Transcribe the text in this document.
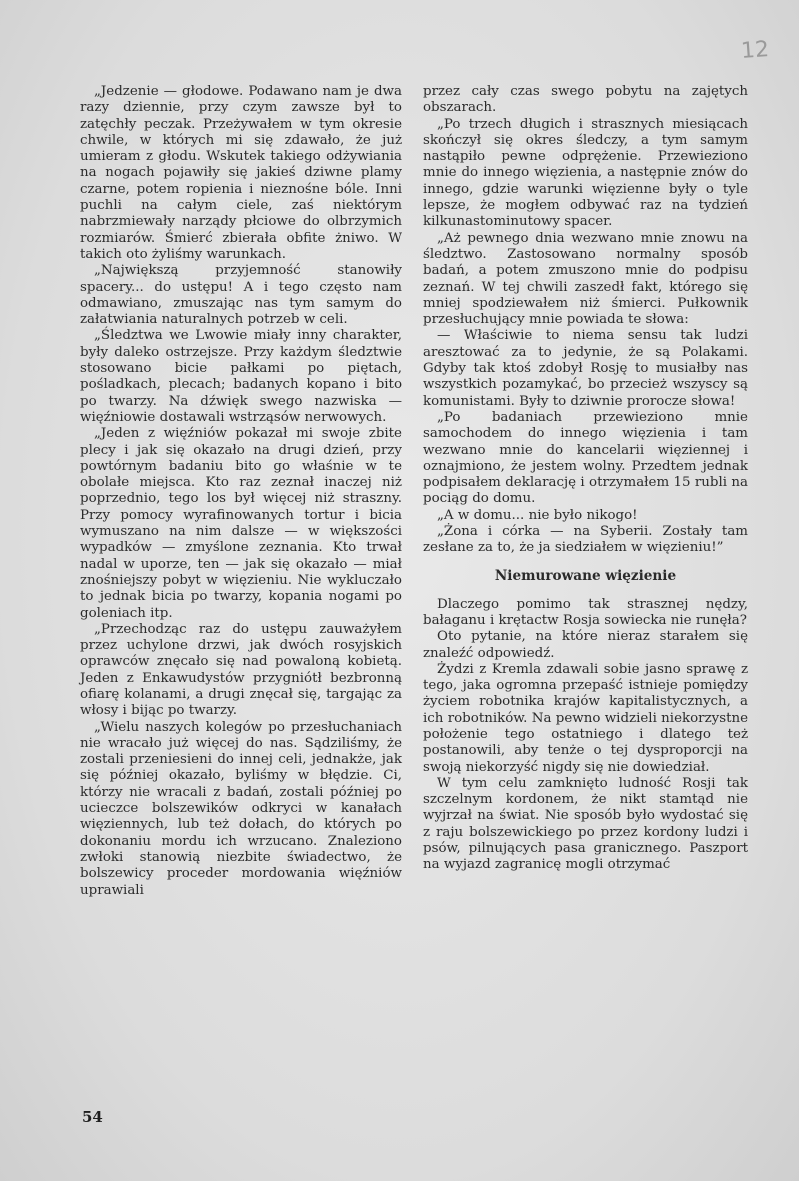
12

„Jedzenie — głodowe. Podawano nam je dwa razy dziennie, przy czym zawsze był to zatęchły peczak. Przeżywałem w tym okresie chwile, w których mi się zdawało, że już umieram z głodu. Wskutek takiego odżywiania na nogach pojawiły się jakieś dziwne plamy czarne, potem ropienia i nieznośne bóle. Inni puchli na całym ciele, zaś niektórym nabrzmiewały narządy płciowe do olbrzymich rozmiarów. Śmierć zbierała obfite żniwo. W takich oto żyliśmy warunkach.

„Największą przyjemność stanowiły spacery... do ustępu! A i tego często nam odmawiano, zmuszając nas tym samym do załatwiania naturalnych potrzeb w celi.

„Śledztwa we Lwowie miały inny charakter, były daleko ostrzejsze. Przy każdym śledztwie stosowano bicie pałkami po piętach, pośladkach, plecach; badanych kopano i bito po twarzy. Na dźwięk swego nazwiska — więźniowie dostawali wstrząsów nerwowych.

„Jeden z więźniów pokazał mi swoje zbite plecy i jak się okazało na drugi dzień, przy powtórnym badaniu bito go właśnie w te obolałe miejsca. Kto raz zeznał inaczej niż poprzednio, tego los był więcej niż straszny. Przy pomocy wyrafinowanych tortur i bicia wymuszano na nim dalsze — w większości wypadków — zmyślone zeznania. Kto trwał nadal w uporze, ten — jak się okazało — miał znośniejszy pobyt w więzieniu. Nie wykluczało to jednak bicia po twarzy, kopania nogami po goleniach itp.

„Przechodząc raz do ustępu zauważyłem przez uchylone drzwi, jak dwóch rosyjskich oprawców znęcało się nad powaloną kobietą. Jeden z Enkawudystów przygniótł bezbronną ofiarę kolanami, a drugi znęcał się, targając za włosy i bijąc po twarzy.

„Wielu naszych kolegów po przesłuchaniach nie wracało już więcej do nas. Sądziliśmy, że zostali przeniesieni do innej celi, jednakże, jak się później okazało, byliśmy w błędzie. Ci, którzy nie wracali z badań, zostali później po ucieczce bolszewików odkryci w kanałach więziennych, lub też dołach, do których po dokonaniu mordu ich wrzucano. Znaleziono zwłoki stanowią niezbite świadectwo, że bolszewicy proceder mordowania więźniów uprawiali

przez cały czas swego pobytu na zajętych obszarach.

„Po trzech długich i strasznych miesiącach skończył się okres śledczy, a tym samym nastąpiło pewne odprężenie. Przewieziono mnie do innego więzienia, a następnie znów do innego, gdzie warunki więzienne były o tyle lepsze, że mogłem odbywać raz na tydzień kilkunastominutowy spacer.

„Aż pewnego dnia wezwano mnie znowu na śledztwo. Zastosowano normalny sposób badań, a potem zmuszono mnie do podpisu zeznań. W tej chwili zaszedł fakt, którego się mniej spodziewałem niż śmierci. Pułkownik przesłuchujący mnie powiada te słowa:

— Właściwie to niema sensu tak ludzi aresztować za to jedynie, że są Polakami. Gdyby tak ktoś zdobył Rosję to musiałby nas wszystkich pozamykać, bo przecież wszyscy są komunistami. Były to dziwnie prorocze słowa!

„Po badaniach przewieziono mnie samochodem do innego więzienia i tam wezwano mnie do kancelarii więziennej i oznajmiono, że jestem wolny. Przedtem jednak podpisałem deklarację i otrzymałem 15 rubli na pociąg do domu.

„A w domu... nie było nikogo!

„Żona i córka — na Syberii. Zostały tam zesłane za to, że ja siedziałem w więzieniu!”

Niemurowane więzienie

Dlaczego pomimo tak strasznej nędzy, bałaganu i krętactw Rosja sowiecka nie runęła?

Oto pytanie, na które nieraz starałem się znaleźć odpowiedź.

Żydzi z Kremla zdawali sobie jasno sprawę z tego, jaka ogromna przepaść istnieje pomiędzy życiem robotnika krajów kapitalistycznych, a ich robotników. Na pewno widzieli niekorzystne położenie tego ostatniego i dlatego też postanowili, aby tenże o tej dysproporcji na swoją niekorzyść nigdy się nie dowiedział.

W tym celu zamknięto ludność Rosji tak szczelnym kordonem, że nikt stamtąd nie wyjrzał na świat. Nie sposób było wydostać się z raju bolszewickiego po przez kordony ludzi i psów, pilnujących pasa granicznego. Paszport na wyjazd zagranicę mogli otrzymać

54
